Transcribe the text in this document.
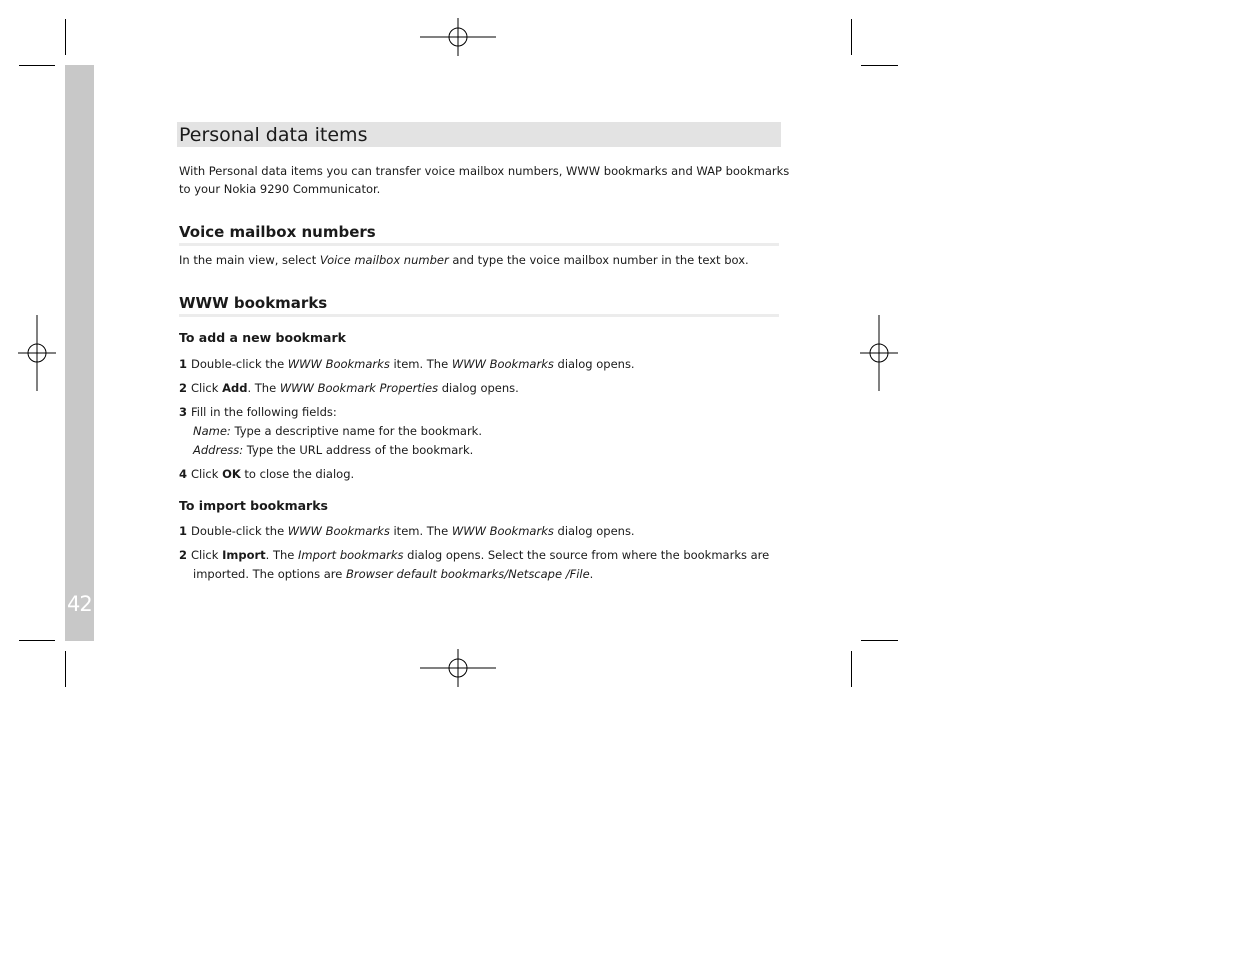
42
Personal data items
With Personal data items you can transfer voice mailbox numbers, WWW bookmarks and WAP bookmarks
to your Nokia 9290 Communicator.
Voice mailbox numbers
In the main view, select Voice mailbox number and type the voice mailbox number in the text box.
WWW bookmarks
To add a new bookmark
1 Double-click the WWW Bookmarks item. The WWW Bookmarks dialog opens.
2 Click Add. The WWW Bookmark Properties dialog opens.
3 Fill in the following fields:
Name: Type a descriptive name for the bookmark.
Address: Type the URL address of the bookmark.
4 Click OK to close the dialog.
To import bookmarks
1 Double-click the WWW Bookmarks item. The WWW Bookmarks dialog opens.
2 Click Import. The Import bookmarks dialog opens. Select the source from where the bookmarks are
imported. The options are Browser default bookmarks/Netscape /File.
